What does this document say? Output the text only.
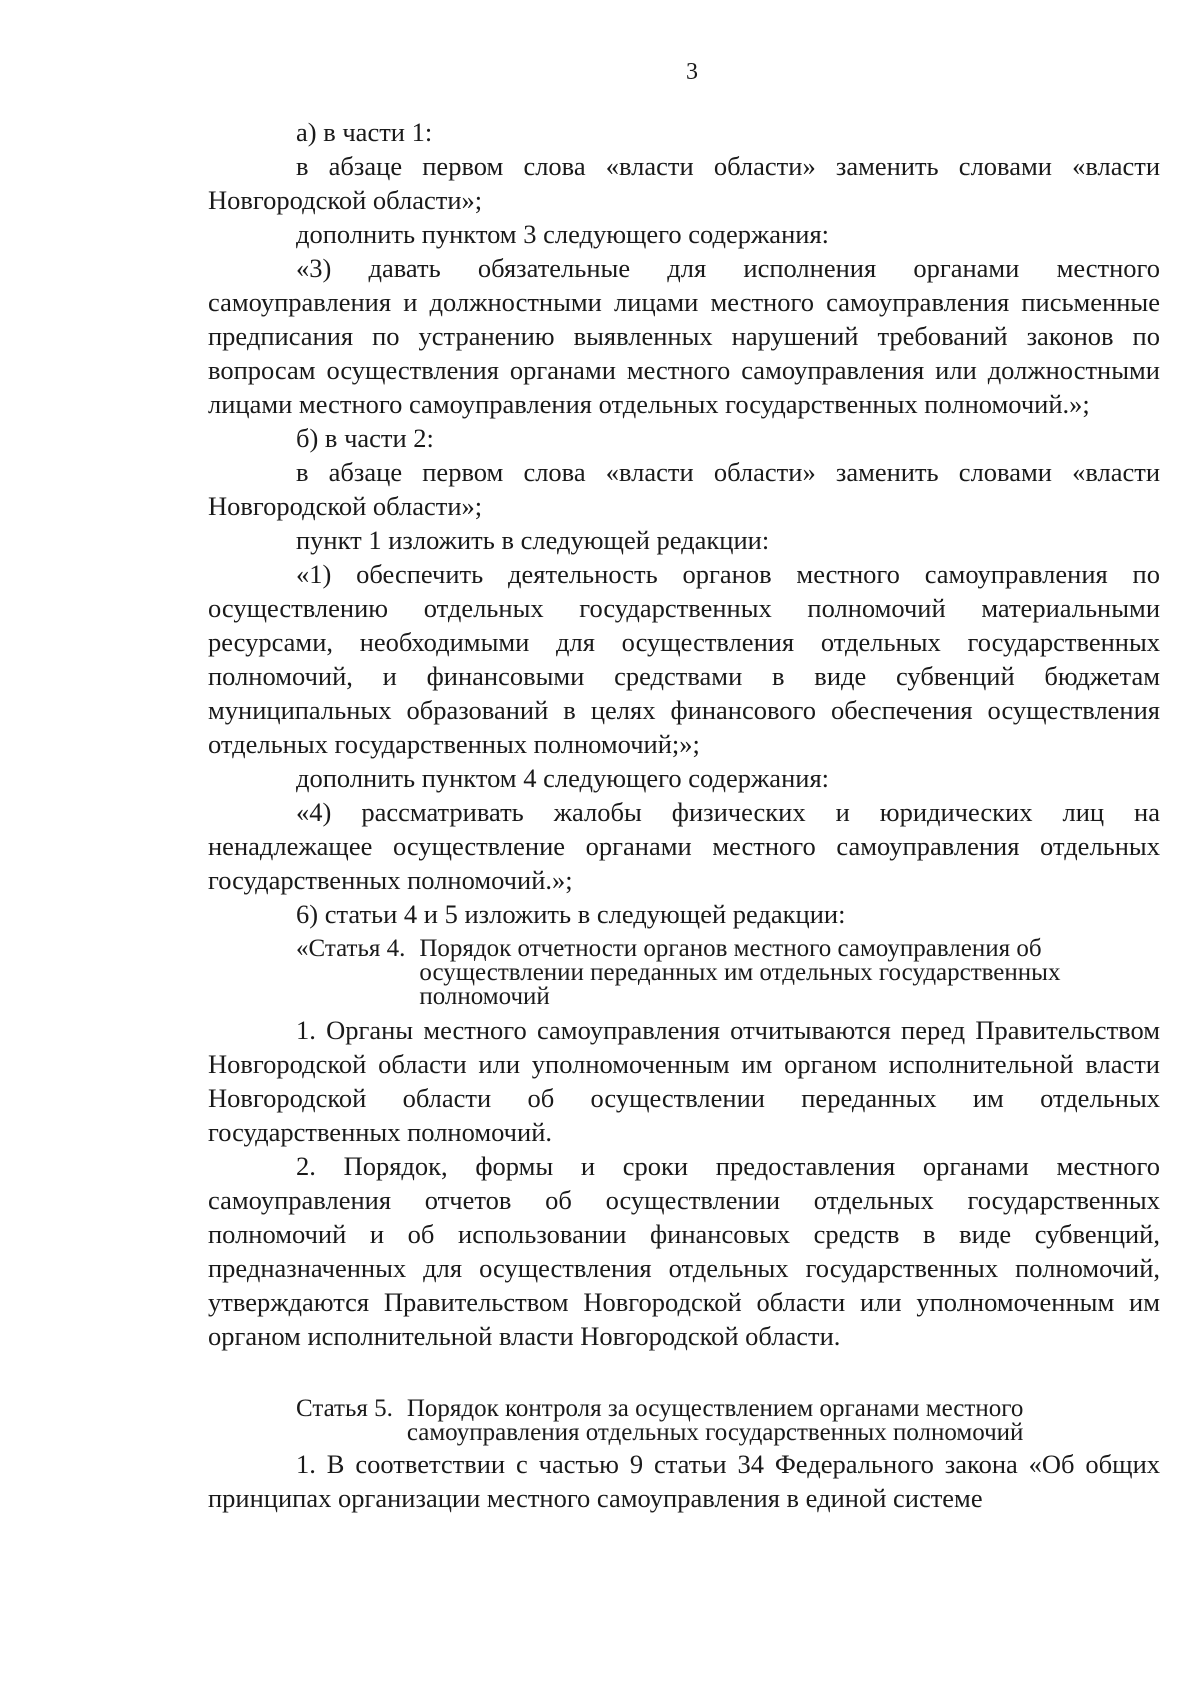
3

а) в части 1:

в абзаце первом слова «власти области» заменить словами «власти Новгородской области»;

дополнить пунктом 3 следующего содержания:

«3) давать обязательные для исполнения органами местного самоуправления и должностными лицами местного самоуправления письменные предписания по устранению выявленных нарушений требований законов по вопросам осуществления органами местного самоуправления или должностными лицами местного самоуправления отдельных государственных полномочий.»;

б) в части 2:

в абзаце первом слова «власти области» заменить словами «власти Новгородской области»;

пункт 1 изложить в следующей редакции:

«1) обеспечить деятельность органов местного самоуправления по осуществлению отдельных государственных полномочий материальными ресурсами, необходимыми для осуществления отдельных государственных полномочий, и финансовыми средствами в виде субвенций бюджетам муниципальных образований в целях финансового обеспечения осуществления отдельных государственных полномочий;»;

дополнить пунктом 4 следующего содержания:

«4) рассматривать жалобы физических и юридических лиц на ненадлежащее осуществление органами местного самоуправления отдельных государственных полномочий.»;

6) статьи 4 и 5 изложить в следующей редакции:

«Статья 4. Порядок отчетности органов местного самоуправления об осуществлении переданных им отдельных государственных полномочий

1. Органы местного самоуправления отчитываются перед Правительством Новгородской области или уполномоченным им органом исполнительной власти Новгородской области об осуществлении переданных им отдельных государственных полномочий.

2. Порядок, формы и сроки предоставления органами местного самоуправления отчетов об осуществлении отдельных государственных полномочий и об использовании финансовых средств в виде субвенций, предназначенных для осуществления отдельных государственных полномочий, утверждаются Правительством Новгородской области или уполномоченным им органом исполнительной власти Новгородской области.

Статья 5. Порядок контроля за осуществлением органами местного самоуправления отдельных государственных полномочий

1. В соответствии с частью 9 статьи 34 Федерального закона «Об общих принципах организации местного самоуправления в единой системе
